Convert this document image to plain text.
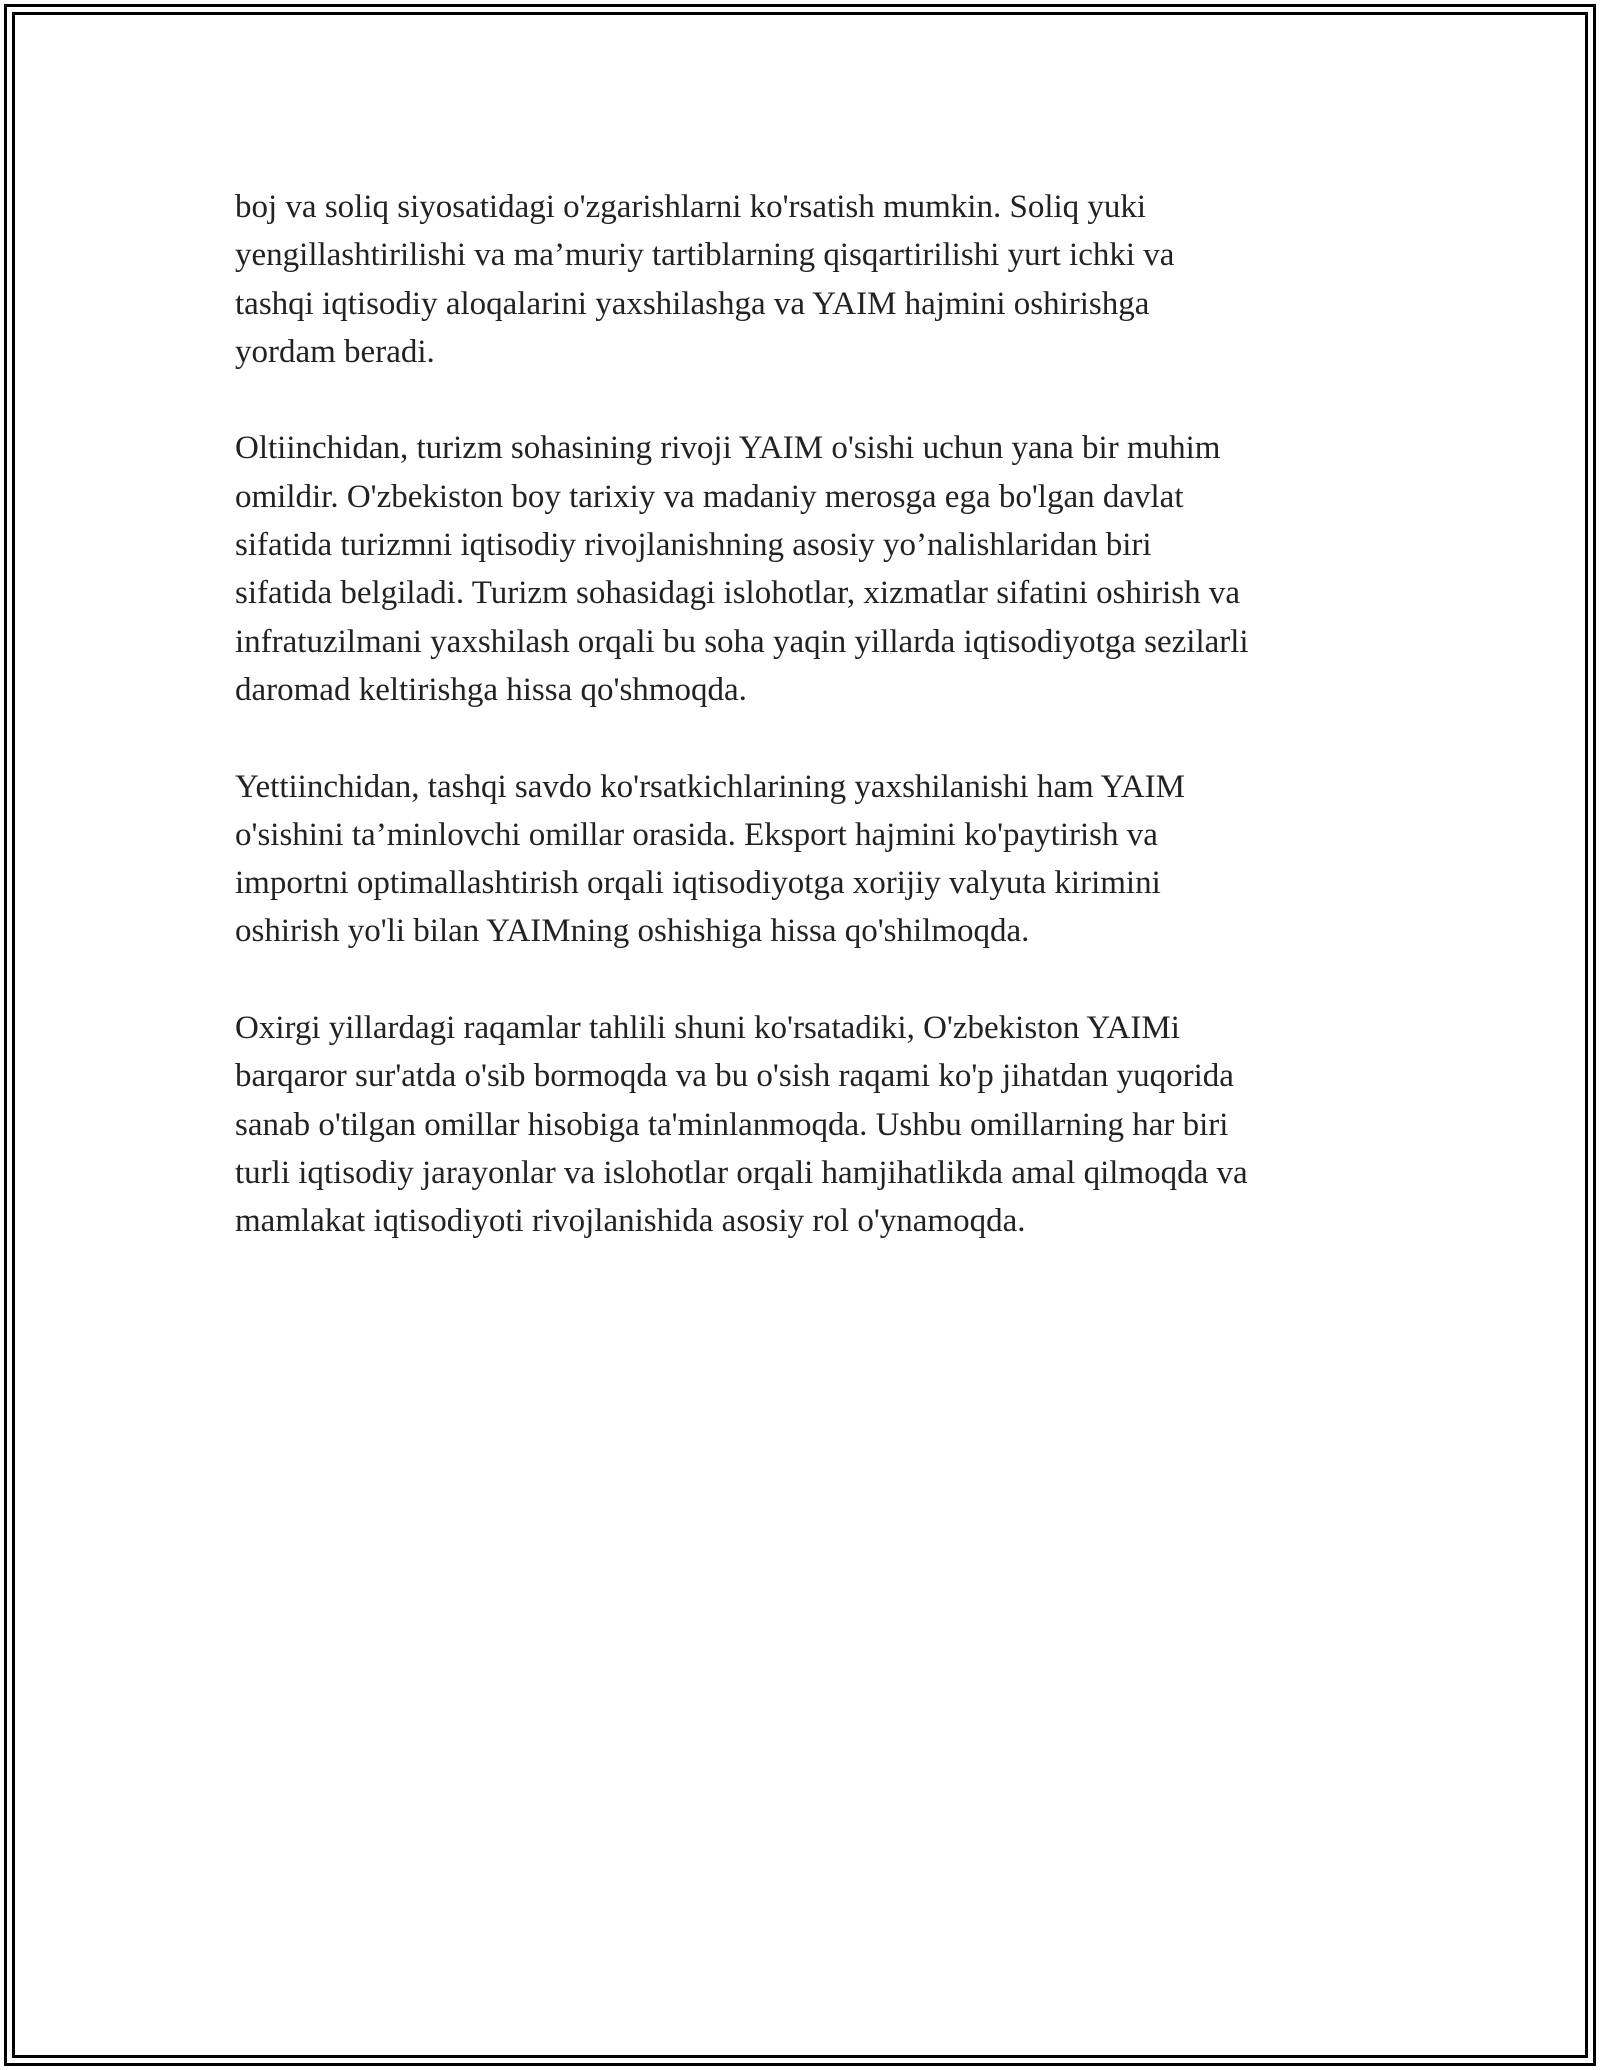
boj va soliq siyosatidagi o'zgarishlarni ko'rsatish mumkin. Soliq yuki
yengillashtirilishi va ma’muriy tartiblarning qisqartirilishi yurt ichki va
tashqi iqtisodiy aloqalarini yaxshilashga va YAIM hajmini oshirishga
yordam beradi.

Oltiinchidan, turizm sohasining rivoji YAIM o'sishi uchun yana bir muhim
omildir. O'zbekiston boy tarixiy va madaniy merosga ega bo'lgan davlat
sifatida turizmni iqtisodiy rivojlanishning asosiy yo’nalishlaridan biri
sifatida belgiladi. Turizm sohasidagi islohotlar, xizmatlar sifatini oshirish va
infratuzilmani yaxshilash orqali bu soha yaqin yillarda iqtisodiyotga sezilarli
daromad keltirishga hissa qo'shmoqda.

Yettiinchidan, tashqi savdo ko'rsatkichlarining yaxshilanishi ham YAIM
o'sishini ta’minlovchi omillar orasida. Eksport hajmini ko'paytirish va
importni optimallashtirish orqali iqtisodiyotga xorijiy valyuta kirimini
oshirish yo'li bilan YAIMning oshishiga hissa qo'shilmoqda.

Oxirgi yillardagi raqamlar tahlili shuni ko'rsatadiki, O'zbekiston YAIMi
barqaror sur'atda o'sib bormoqda va bu o'sish raqami ko'p jihatdan yuqorida
sanab o'tilgan omillar hisobiga ta'minlanmoqda. Ushbu omillarning har biri
turli iqtisodiy jarayonlar va islohotlar orqali hamjihatlikda amal qilmoqda va
mamlakat iqtisodiyoti rivojlanishida asosiy rol o'ynamoqda.
